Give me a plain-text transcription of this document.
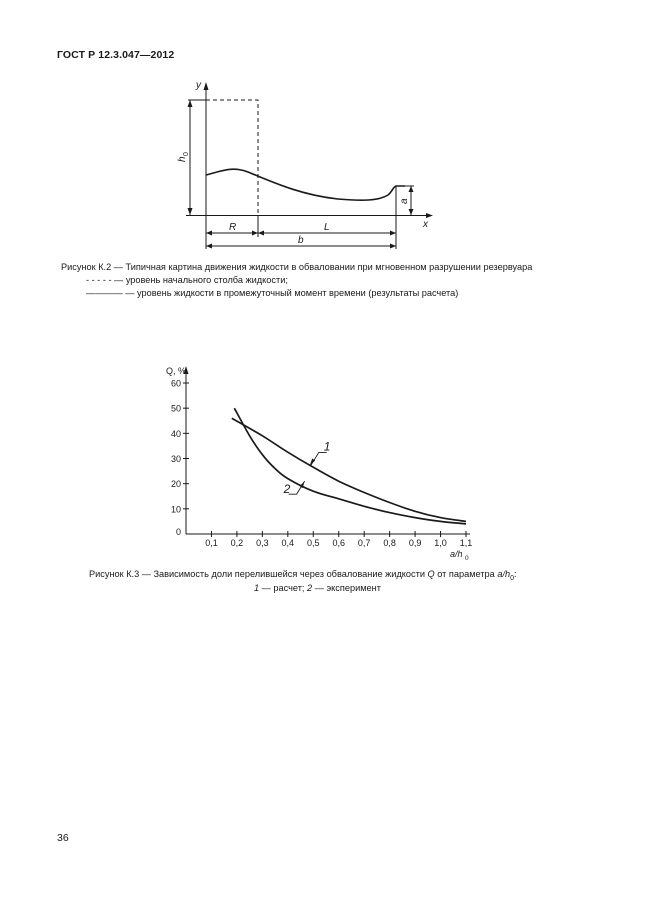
ГОСТ Р 12.3.047—2012
y
x
h
0
a
R	L
b
Рисунок К.2 — Типичная картина движения жидкости в обваловании при мгновенном разрушении резервуара
- - - - - — уровень начального столба жидкости;
———— — уровень жидкости в промежуточный момент времени (результаты расчета)
0
10
20
30
40
50
60
0,1 0,2 0,3 0,4 0,5 0,6 0,7 0,8 0,9 1,0 1,1
Q, %
a/h 0
1
2
Рисунок К.3 — Зависимость доли перелившейся через обвалование жидкости Q от параметра $a/h_0$:
1 — расчет; 2 — эксперимент
36
